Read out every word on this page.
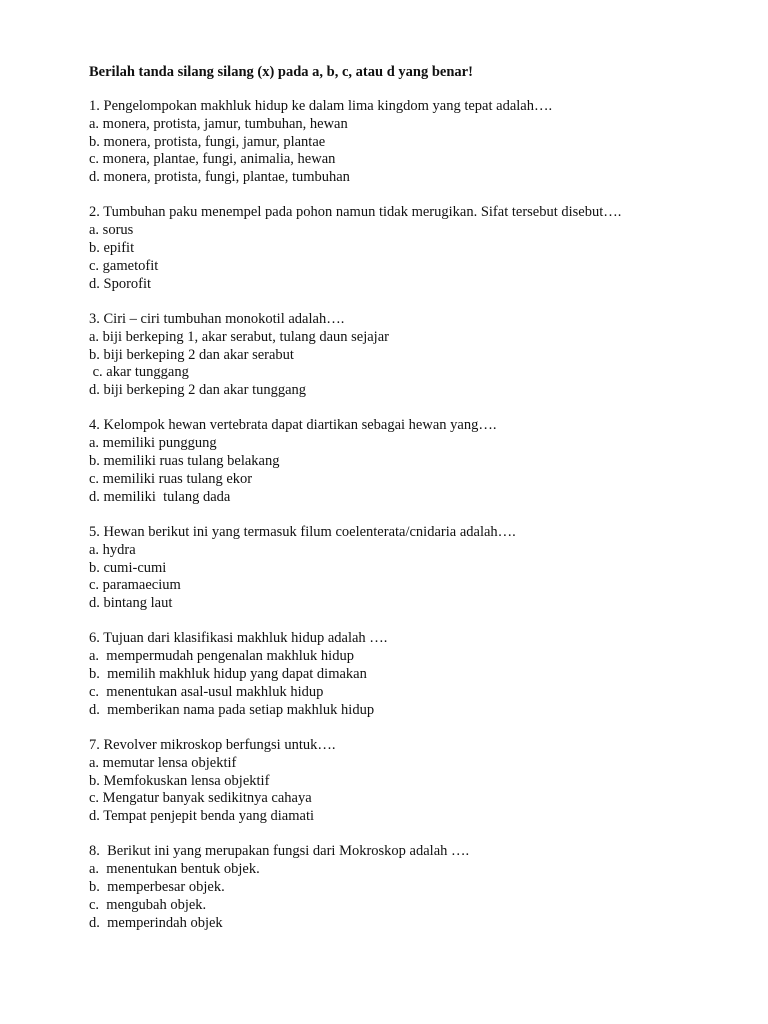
Berilah tanda silang silang (x) pada a, b, c, atau d yang benar!

1. Pengelompokan makhluk hidup ke dalam lima kingdom yang tepat adalah….

a. monera, protista, jamur, tumbuhan, hewan

b. monera, protista, fungi, jamur, plantae

c. monera, plantae, fungi, animalia, hewan

d. monera, protista, fungi, plantae, tumbuhan

2. Tumbuhan paku menempel pada pohon namun tidak merugikan. Sifat tersebut disebut….

a. sorus

b. epifit

c. gametofit

d. Sporofit

3. Ciri – ciri tumbuhan monokotil adalah….

a. biji berkeping 1, akar serabut, tulang daun sejajar

b. biji berkeping 2 dan akar serabut

c. akar tunggang

d. biji berkeping 2 dan akar tunggang

4. Kelompok hewan vertebrata dapat diartikan sebagai hewan yang….

a. memiliki punggung

b. memiliki ruas tulang belakang

c. memiliki ruas tulang ekor

d. memiliki  tulang dada

5. Hewan berikut ini yang termasuk filum coelenterata/cnidaria adalah….

a. hydra

b. cumi-cumi

c. paramaecium

d. bintang laut

6. Tujuan dari klasifikasi makhluk hidup adalah ….

a.  mempermudah pengenalan makhluk hidup

b.  memilih makhluk hidup yang dapat dimakan

c.  menentukan asal-usul makhluk hidup

d.  memberikan nama pada setiap makhluk hidup

7. Revolver mikroskop berfungsi untuk….

a. memutar lensa objektif

b. Memfokuskan lensa objektif

c. Mengatur banyak sedikitnya cahaya

d. Tempat penjepit benda yang diamati

8.  Berikut ini yang merupakan fungsi dari Mokroskop adalah ….

a.  menentukan bentuk objek.

b.  memperbesar objek.

c.  mengubah objek.

d.  memperindah objek
